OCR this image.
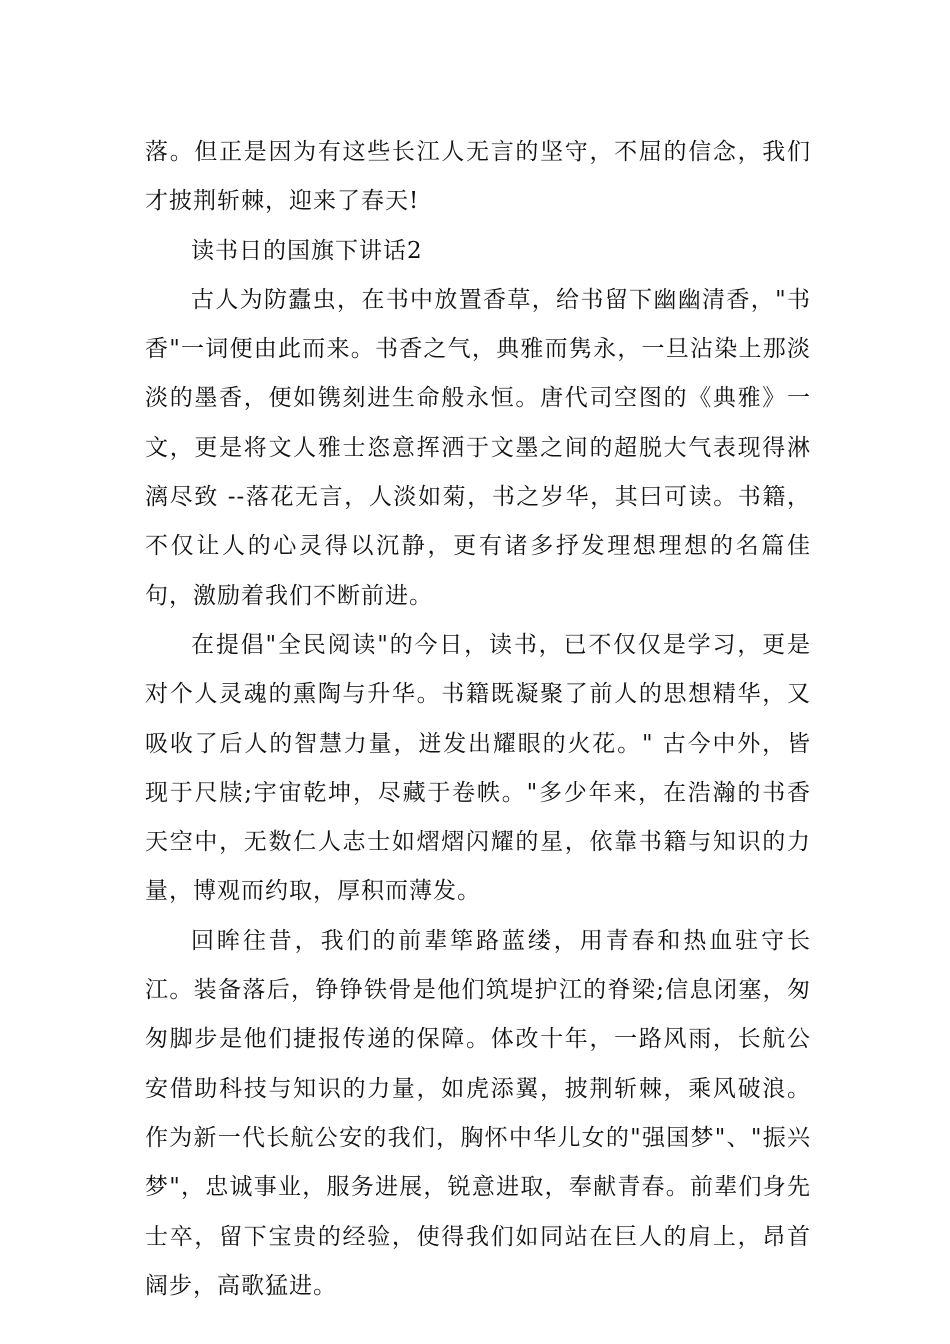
落。但正是因为有这些长江人无言的坚守，不屈的信念，我们才披荆斩棘，迎来了春天!

读书日的国旗下讲话2

古人为防蠹虫，在书中放置香草，给书留下幽幽清香，"书香"一词便由此而来。书香之气，典雅而隽永，一旦沾染上那淡淡的墨香，便如镌刻进生命般永恒。唐代司空图的《典雅》一文，更是将文人雅士恣意挥洒于文墨之间的超脱大气表现得淋漓尽致 --落花无言，人淡如菊，书之岁华，其曰可读。书籍，不仅让人的心灵得以沉静，更有诸多抒发理想理想的名篇佳句，激励着我们不断前进。

在提倡"全民阅读"的今日，读书，已不仅仅是学习，更是对个人灵魂的熏陶与升华。书籍既凝聚了前人的思想精华，又吸收了后人的智慧力量，迸发出耀眼的火花。" 古今中外，皆现于尺牍;宇宙乾坤，尽藏于卷帙。"多少年来，在浩瀚的书香天空中，无数仁人志士如熠熠闪耀的星，依靠书籍与知识的力量，博观而约取，厚积而薄发。

回眸往昔，我们的前辈筚路蓝缕，用青春和热血驻守长江。装备落后，铮铮铁骨是他们筑堤护江的脊梁;信息闭塞，匆匆脚步是他们捷报传递的保障。体改十年，一路风雨，长航公安借助科技与知识的力量，如虎添翼，披荆斩棘，乘风破浪。作为新一代长航公安的我们，胸怀中华儿女的"强国梦"、"振兴梦"，忠诚事业，服务进展，锐意进取，奉献青春。前辈们身先士卒，留下宝贵的经验，使得我们如同站在巨人的肩上，昂首阔步，高歌猛进。
